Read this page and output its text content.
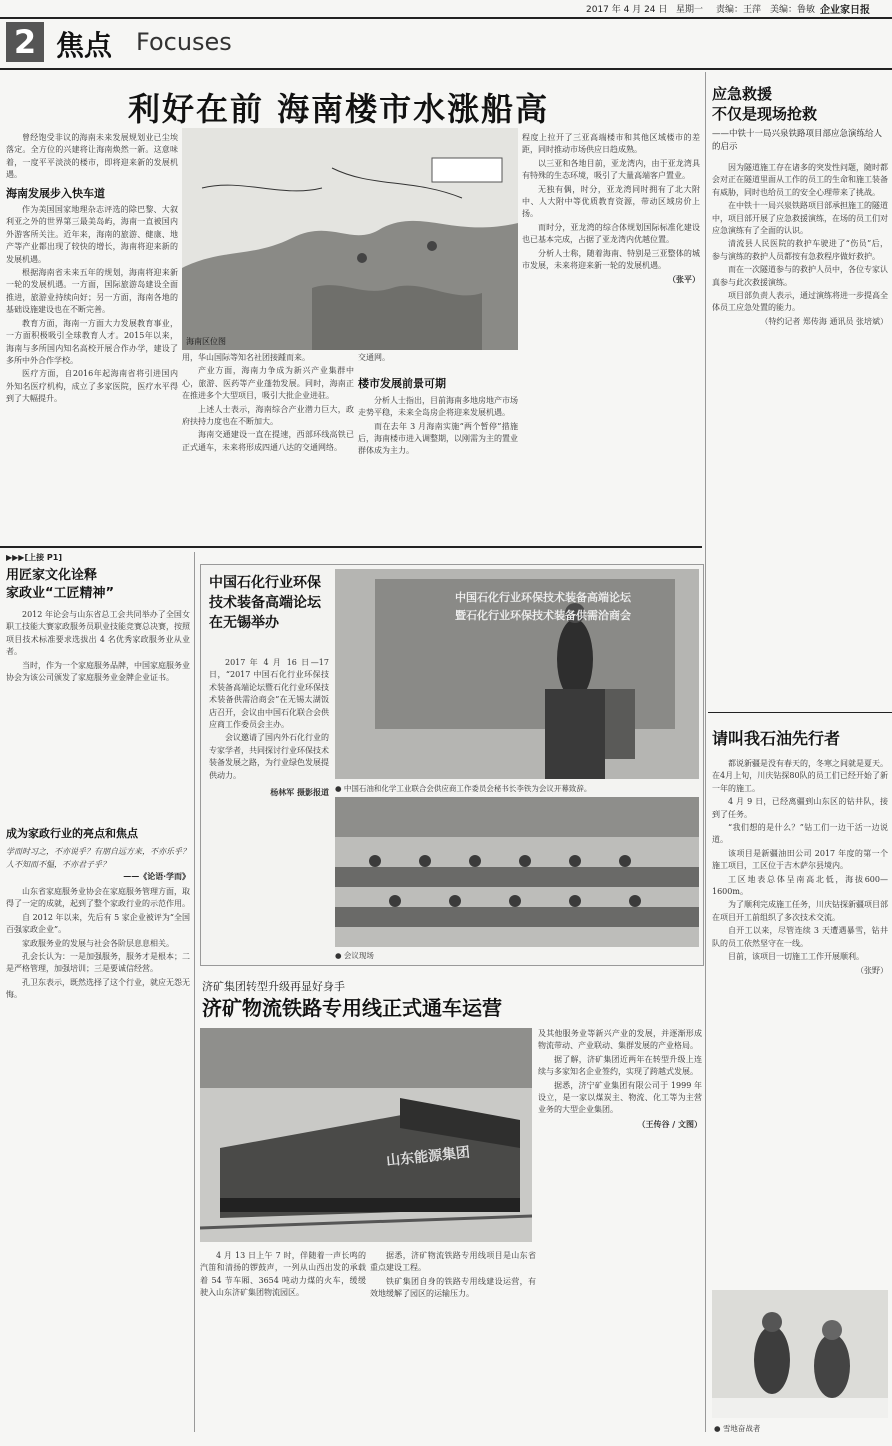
2017 年 4 月 24 日 星期一 责编：王萍 美编：鲁敏 企业家日报
2 焦点 Focuses
利好在前 海南楼市水涨船高

曾经饱受非议的海南未来发展规划业已尘埃落定。全方位的兴建将让海南焕然一新。这意味着，一度平平淡淡的楼市，即将迎来新的发展机遇。

海南发展步入快车道

作为美国国家地理杂志评选的除巴黎、大叙利亚之外的世界第三最美岛屿，海南一直被国内外游客所关注。近年来，海南的旅游、健康、地产等产业都出现了较快的增长，海南将迎来新的发展机遇。

根据海南省未来五年的规划，海南将迎来新一轮的发展机遇。一方面，国际旅游岛建设全面推进，旅游业持续向好；另一方面，海南各地的基础设施建设也在不断完善。

教育方面，海南一方面大力发展教育事业，一方面积极吸引全球教育人才。2015年以来，海南与多所国内知名高校开展合作办学，建设了多所中外合作学校。

医疗方面，自2016年起海南省将引进国内外知名医疗机构，成立了多家医院，医疗水平得到了大幅提升。

海南区位图

用，华山国际等知名社团接踵而来。

产业方面，海南力争成为新兴产业集群中心，旅游、医药等产业蓬勃发展。同时，海南正在推进多个大型项目，吸引大批企业进驻。

上述人士表示，海南综合产业潜力巨大，政府扶持力度也在不断加大。

海南交通建设一直在提速，西部环线高铁已正式通车，未来将形成四通八达的交通网络。

交通网。

楼市发展前景可期

分析人士指出，目前海南多地房地产市场走势平稳，未来全岛房企将迎来发展机遇。

而在去年 3 月海南实施“两个暂停”措施后，海南楼市进入调整期，以刚需为主的置业群体成为主力。

程度上拉开了三亚高端楼市和其他区域楼市的差距，同时推动市场供应日趋成熟。

以三亚和各地目前，亚龙湾内，由于亚龙湾具有特殊的生态环境，吸引了大量高端客户置业。

无独有偶，时分，亚龙湾同时拥有了北大附中、人大附中等优质教育资源，带动区域房价上扬。

而时分，亚龙湾的综合体规划国际标准化建设也已基本完成，占据了亚龙湾内优越位置。

分析人士称，随着海南、特别是三亚整体的城市发展，未来将迎来新一轮的发展机遇。

（张平）
应急救援
不仅是现场抢救
——中铁十一局兴泉铁路项目部应急演练给人的启示

因为隧道施工存在诸多的突发性问题，随时都会对正在隧道里面从工作的员工的生命和施工装备有威胁，同时也给员工的安全心理带来了挑战。

在中铁十一局兴泉铁路项目部承担施工的隧道中，项目部开展了应急救援演练，在场的员工们对应急演练有了全面的认识。

清流县人民医院的救护车驶进了“伤员”后，参与演练的救护人员都按有急救程序做好救护。

而在一次隧道参与的救护人员中，各位专家认真参与此次救援演练。

项目部负责人表示，通过演练将进一步提高全体员工应急处置的能力。

（特约记者 郑传海 通讯员 张培斌）
请叫我石油先行者

都说新疆是没有春天的，冬寒之间就是夏天。在4月上旬，川庆钻探80队的员工们已经开始了新一年的施工。

4 月 9 日，已经离疆到山东区的钻井队，接到了任务。

“我们想的是什么？”钻工们一边干活一边说道。

该项目是新疆油田公司 2017 年度的第一个施工项目，工区位于吉木萨尔县境内。

工区地表总体呈南高北低，海拔600—1600m。

为了顺利完成施工任务，川庆钻探新疆项目部在项目开工前组织了多次技术交流。

自开工以来，尽管连续 3 天遭遇暴雪，钻井队的员工依然坚守在一线。

目前，该项目一切施工工作开展顺利。

（张野）
● 雪地奋战者
▶▶▶[上接 P1]
用匠家文化诠释
家政业“工匠精神”

2012 年论会与山东省总工会共同举办了全国女职工技能大赛家政服务员职业技能竞赛总决赛，按照项目技术标准要求选拔出 4 名优秀家政服务业从业者。

当时，作为一个家庭服务品牌，中国家庭服务业协会为该公司颁发了家庭服务业金牌企业证书。

成为家政行业的亮点和焦点
学而时习之，不亦说乎？有朋自远方来，不亦乐乎？人不知而不愠，不亦君子乎？
——《论语·学而》

山东省家庭服务业协会在家庭服务管理方面，取得了一定的成就，起到了整个家政行业的示范作用。

自 2012 年以来，先后有 5 家企业被评为“全国百强家政企业”。

家政服务业的发展与社会各阶层息息相关。

孔会长认为：一是加强服务，服务才是根本；二是严格管理，加强培训；三是要诚信经营。

孔卫东表示，既然选择了这个行业，就应无怨无悔。

中国石化行业环保技术装备高端论坛在无锡举办

2017 年 4 月 16 日—17 日，“2017 中国石化行业环保技术装备高端论坛暨石化行业环保技术装备供需洽商会”在无锡太湖饭店召开，会议由中国石化联合会供应商工作委员会主办。

会议邀请了国内外石化行业的专家学者，共同探讨行业环保技术装备发展之路，为行业绿色发展提供动力。

杨林军 摄影报道
中国石化行业环保技术装备高端论坛
暨石化行业环保技术装备供需洽商会
● 中国石油和化学工业联合会供应商工作委员会秘书长李铁为会议开幕致辞。
● 会议现场
济矿集团转型升级再显好身手
济矿物流铁路专用线正式通车运营
山东能源集团

4 月 13 日上午 7 时，伴随着一声长鸣的汽笛和清扬的锣鼓声，一列从山西出发的承载着 54 节车厢、3654 吨动力煤的火车，缓缓驶入山东济矿集团物流园区。

据悉，济矿物流铁路专用线项目是山东省重点建设工程。

铁矿集团自身的铁路专用线建设运营，有效地缓解了园区的运输压力。

及其他服务业等新兴产业的发展，并逐渐形成物流带动、产业联动、集群发展的产业格局。

据了解，济矿集团近两年在转型升级上连续与多家知名企业签约，实现了跨越式发展。

据悉，济宁矿业集团有限公司于 1999 年设立，是一家以煤炭主、物流、化工等为主营业务的大型企业集团。

（王传谷 / 文图）
